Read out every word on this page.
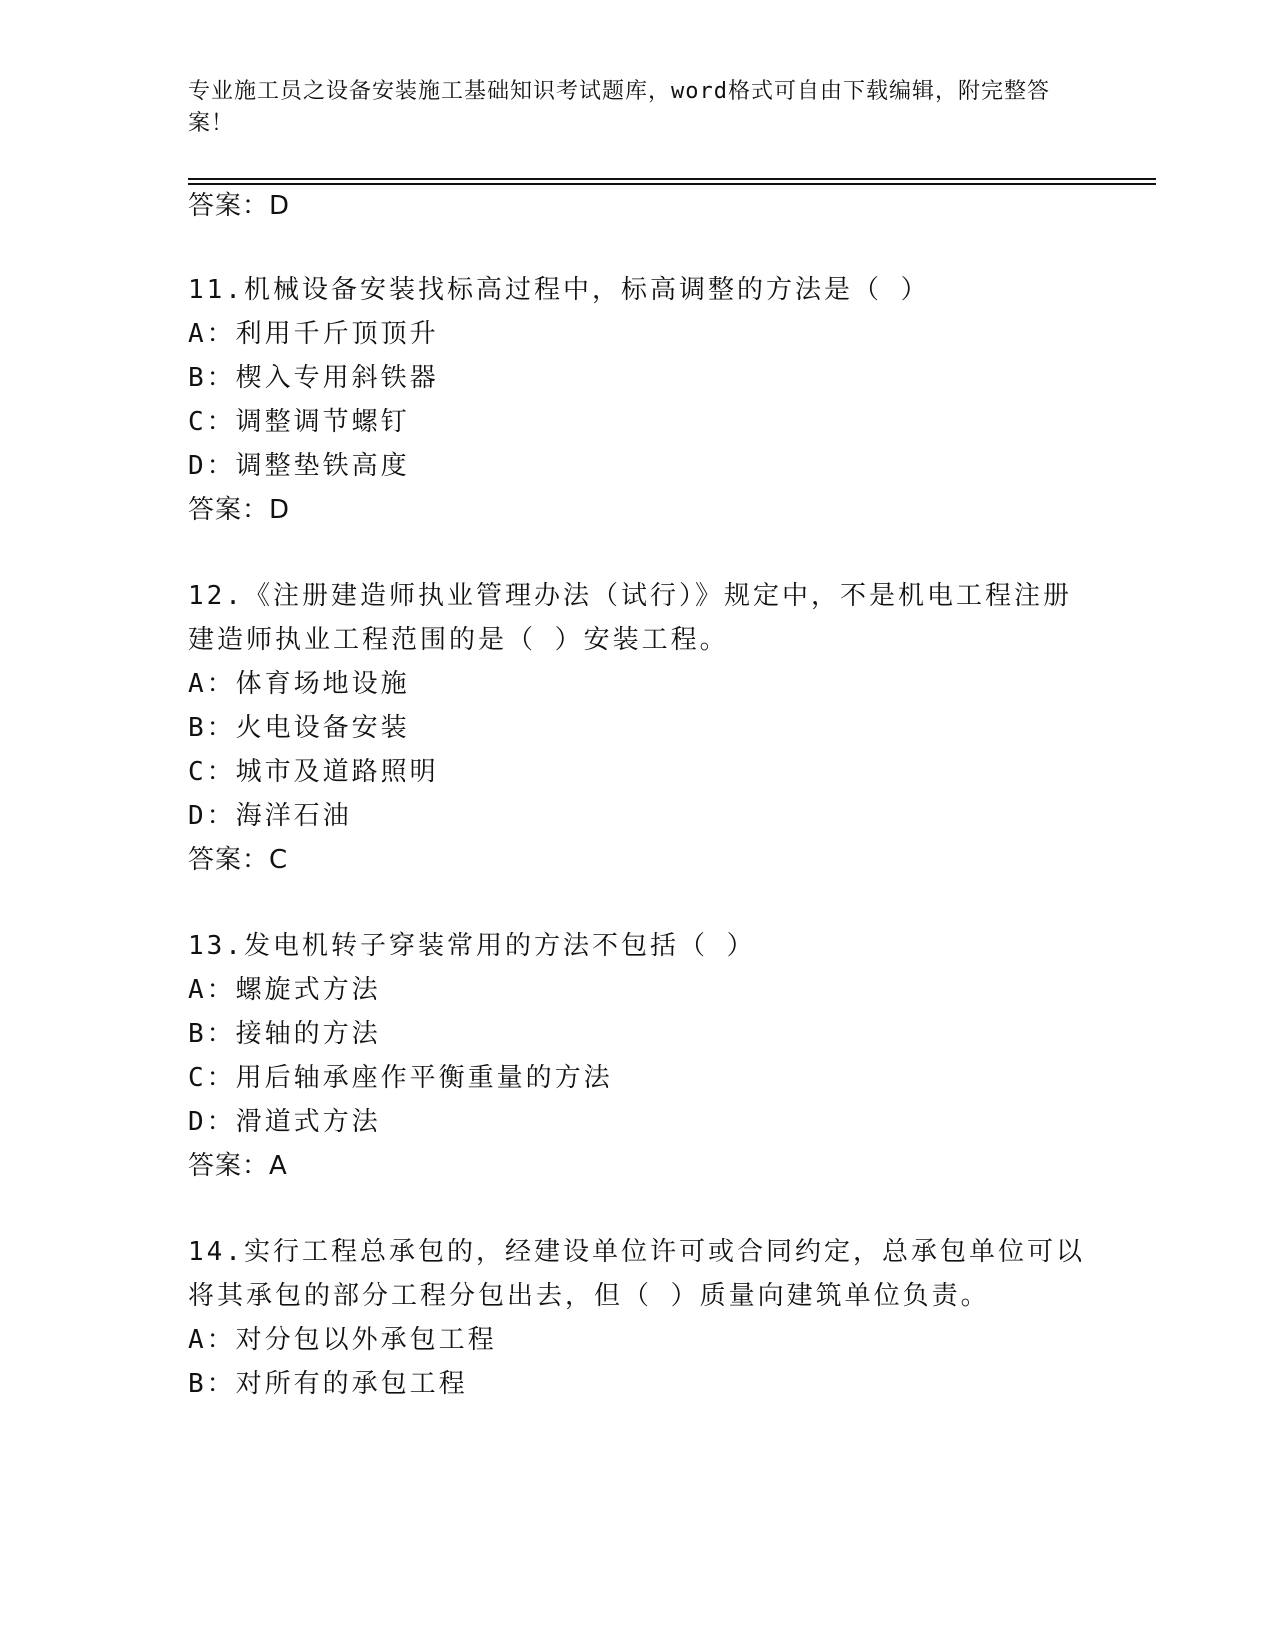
专业施工员之设备安装施工基础知识考试题库，word格式可自由下载编辑，附完整答案！

答案：D

11.机械设备安装找标高过程中，标高调整的方法是（ ）

A：利用千斤顶顶升

B：楔入专用斜铁器

C：调整调节螺钉

D：调整垫铁高度

答案：D

12.《注册建造师执业管理办法（试行）》规定中，不是机电工程注册

建造师执业工程范围的是（ ）安装工程。

A：体育场地设施

B：火电设备安装

C：城市及道路照明

D：海洋石油

答案：C

13.发电机转子穿装常用的方法不包括（ ）

A：螺旋式方法

B：接轴的方法

C：用后轴承座作平衡重量的方法

D：滑道式方法

答案：A

14.实行工程总承包的，经建设单位许可或合同约定，总承包单位可以

将其承包的部分工程分包出去，但（ ）质量向建筑单位负责。

A：对分包以外承包工程

B：对所有的承包工程
